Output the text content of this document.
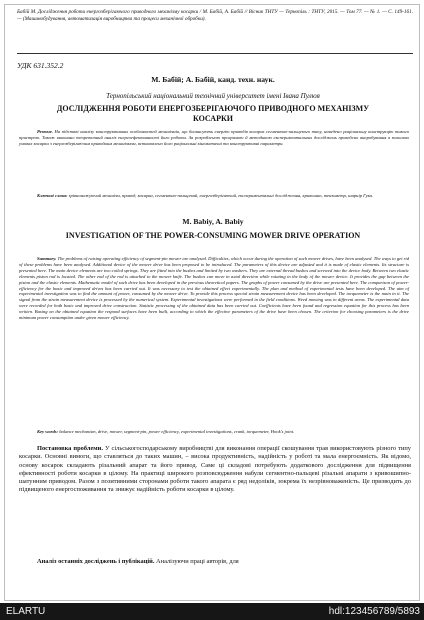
Бабій М. Дослідження роботи енергозберігаючого приводного механізму косарки / М. Бабій, А. Бабій // Вісник ТНТУ — Тернопіль : ТНТУ, 2015. — Том 77. — № 1. — С. 149-161. — (Машинобудування, автоматизація виробництва та процеси механічної обробки).
УДК 631.352.2
М. Бабій; А. Бабій, канд. техн. наук.
Тернопільський національний технічний університет імені Івана Пулюя
ДОСЛІДЖЕННЯ РОБОТИ ЕНЕРГОЗБЕРІГАЮЧОГО ПРИВОДНОГО МЕХАНІЗМУ КОСАРКИ
Резюме. На підставі аналізу конструктивних особливостей механізмів, що балансують енергію приводів косарок сегментно-пальцевого типу, наведено раціональну конструкцію такого пристрою. Також виконано теоретичний аналіз енергоефективності його роботи. За розробленою програмою й методикою експериментальних досліджень проведено випробування в польових умовах косарки з енергозберігаючим приводним механізмом, встановлено його раціональні кінематичні та конструктивні параметри.
Ключові слова: зрівноважуючий механізм, привод, косарка, сегментно-пальцевий, енергозберігаючий, експериментальні дослідження, кривошип, тензометр, шарнір Гука.
M. Babiy, A. Babiy
INVESTIGATION OF THE POWER-CONSUMING MOWER DRIVE OPERATION
Summary. The problems of raising operating efficiency of segment-pin mower are analysed. Difficulties, which occur during the operation of such mower drives, have been analysed. The ways to get rid of these problems have been analysed. Additional device of the mower drive has been proposed to be introduced. The parameters of this device are adjusted and it is made of elastic elements. Its structure is presented here. The main device elements are two coiled springs. They are fitted into the bushes and limited by two washers. They are external thread bushes and screwed into the device body. Between two elastic elements piston rod is located. The other end of the rod is attached to the mower knife. The bushes can move in axial direction while rotating in the body of the mower device. It provides the gap between the piston and the elastic elements. Mathematic model of such drive has been developed in the previous theoretical papers. The graphs of power consumed by the drive are presented here. The comparison of power-efficiency for the basic and improved drives has been carried out. It was necessary to test the obtained effect experimentally. The plan and method of experimental tests have been developed. The aim of experimental investigation was to find the amount of power, consumed by the mower drive. To provide this process special strain measurement device has been developed. The torquemeter is the main in it. The signal from the strain measurement device is processed by the numerical system. Experimental investigations were performed in the field conditions. Weed mowing was in different areas. The experimental data were recorded for both basic and improved drive construction. Statistic processing of the obtained data has been carried out. Coefficients have been found and regression equation for this process has been written. Basing on the obtained equation the respond surfaces have been built, according to which the effective parameters of the drive have been chosen. The criterion for choosing parameters is the drive minimum power consumption under given mower efficiency.
Key words: balance mechanism, drive, mower, segment-pin, power efficiency, experimental investigations, crank, torquemeter, Hook's joint.
Постановка проблеми. У сільськогосподарському виробництві для виконання операції скошування трав використовують різного типу косарки. Основні вимоги, що ставляться до таких машин, – висока продуктивність, надійність у роботі та мала енергоємність. Як відомо, основу косарок складають різальний апарат та його привод. Саме ці складові потребують додаткового дослідження для підвищення ефективності роботи косарки в цілому. На практиці широкого розповсюдження набули сегментно-пальцеві різальні апарати з кривошипно-шатунним приводом. Разом з позитивними сторонами роботи такого апарата є ряд недоліків, зокрема їх незрівноваженість. Це призводить до підвищеного енергоспоживання та знижує надійність роботи косарки в цілому.
Аналіз останніх досліджень і публікацій. Аналізуючи праці авторів, для
ELARTU	hdl:123456789/5893
